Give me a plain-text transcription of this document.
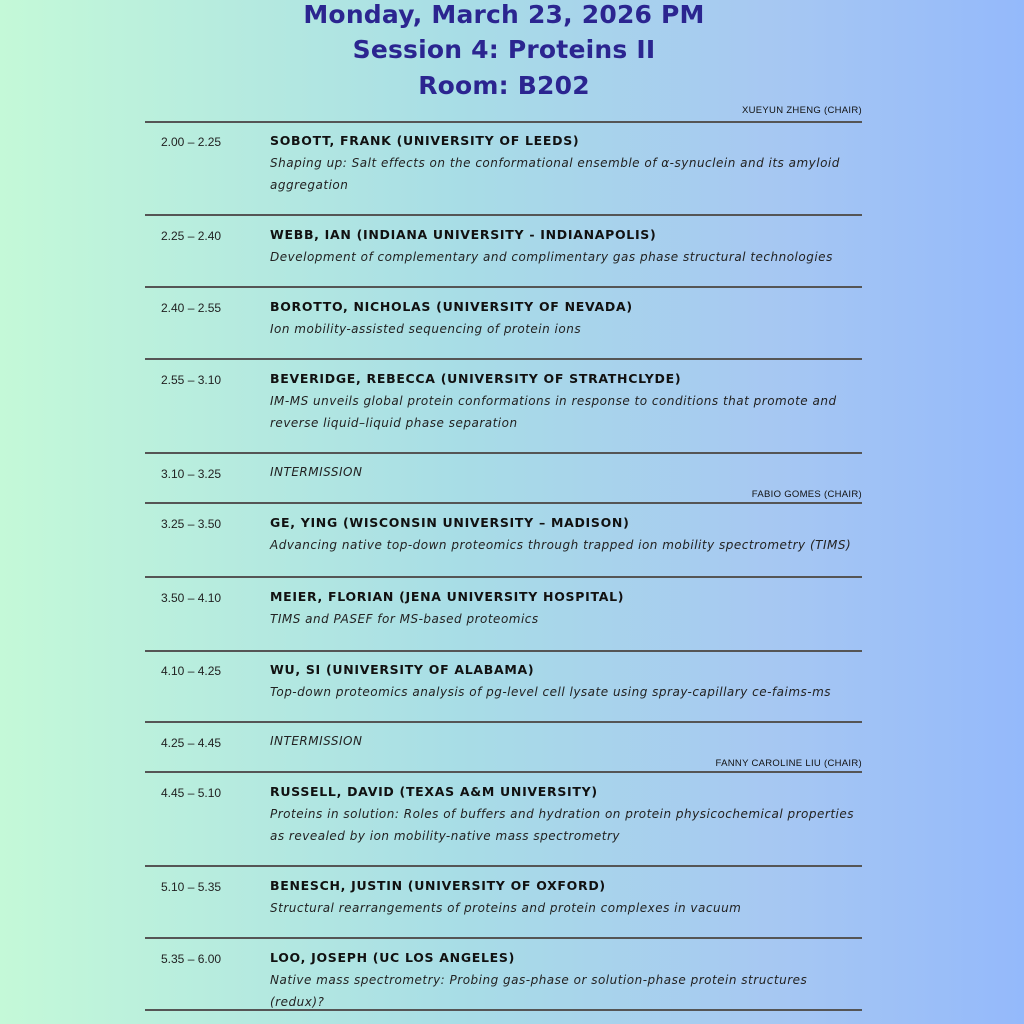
Monday, March 23, 2026 PM
Session 4: Proteins II
Room: B202
XUEYUN ZHENG (CHAIR)
2.00 – 2.25	SOBOTT, FRANK (UNIVERSITY OF LEEDS)
Shaping up: Salt effects on the conformational ensemble of α-synuclein and its amyloid aggregation
2.25 – 2.40	WEBB, IAN (INDIANA UNIVERSITY - INDIANAPOLIS)
Development of complementary and complimentary gas phase structural technologies
2.40 – 2.55	BOROTTO, NICHOLAS (UNIVERSITY OF NEVADA)
Ion mobility-assisted sequencing of protein ions
2.55 – 3.10	BEVERIDGE, REBECCA (UNIVERSITY OF STRATHCLYDE)
IM-MS unveils global protein conformations in response to conditions that promote and reverse liquid–liquid phase separation
3.10 – 3.25	INTERMISSION
FABIO GOMES (CHAIR)
3.25 – 3.50	GE, YING (WISCONSIN UNIVERSITY – MADISON)
Advancing native top-down proteomics through trapped ion mobility spectrometry (TIMS)
3.50 – 4.10	MEIER, FLORIAN (JENA UNIVERSITY HOSPITAL)
TIMS and PASEF for MS-based proteomics
4.10 – 4.25	WU, SI (UNIVERSITY OF ALABAMA)
Top-down proteomics analysis of pg-level cell lysate using spray-capillary ce-faims-ms
4.25 – 4.45	INTERMISSION
FANNY CAROLINE LIU (CHAIR)
4.45 – 5.10	RUSSELL, DAVID (TEXAS A&M UNIVERSITY)
Proteins in solution: Roles of buffers and hydration on protein physicochemical properties as revealed by ion mobility-native mass spectrometry
5.10 – 5.35	BENESCH, JUSTIN (UNIVERSITY OF OXFORD)
Structural rearrangements of proteins and protein complexes in vacuum
5.35 – 6.00	LOO, JOSEPH (UC LOS ANGELES)
Native mass spectrometry: Probing gas-phase or solution-phase protein structures (redux)?
